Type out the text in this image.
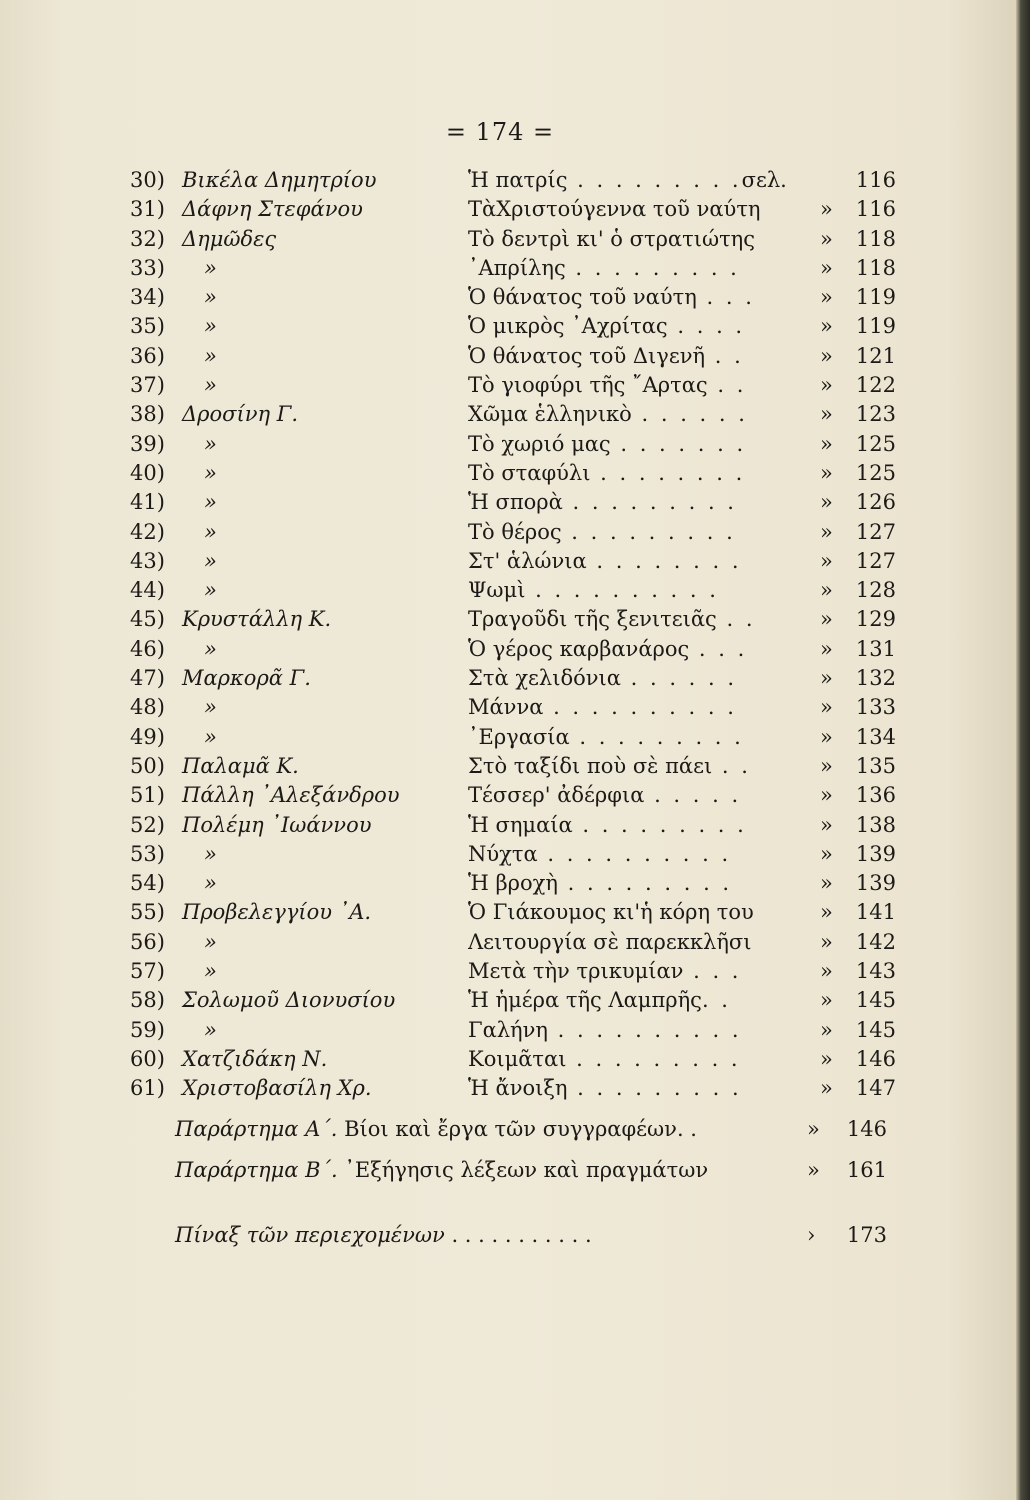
= 174 =
30) Βικέλα Δημητρίου	Ἡ πατρίς . . . . . . . . .σελ.	116
31) Δάφνη Στεφάνου	ΤὰΧριστούγεννα τοῦ ναύτη	»	116
32) Δημῶδες	Τὸ δεντρὶ κι' ὁ στρατιώτης	»	118
33)	»	᾿Απρίλης . . . . . . . . .	»	118
34)	»	Ὁ θάνατος τοῦ ναύτη . . .	»	119
35)	»	Ὁ μικρὸς ᾿Αχρίτας . . . .	»	119
36)	»	Ὁ θάνατος τοῦ Διγενῆ . .	»	121
37)	»	Τὸ γιοφύρι τῆς ῎Αρτας . .	»	122
38) Δροσίνη Γ.	Χῶμα ἑλληνικὸ . . . . . .	»	123
39)	»	Τὸ χωριό μας . . . . . . .	»	125
40)	»	Τὸ σταφύλι . . . . . . . .	»	125
41)	»	Ἡ σπορὰ . . . . . . . . .	»	126
42)	»	Τὸ θέρος . . . . . . . . .	»	127
43)	»	Στ' ἁλώνια . . . . . . . .	»	127
44)	»	Ψωμὶ . . . . . . . . . .	»	128
45) Κρυστάλλη Κ.	Τραγοῦδι τῆς ξενιτειᾶς . .	»	129
46)	»	Ὁ γέρος καρβανάρος . . .	»	131
47) Μαρκορᾶ Γ.	Στὰ χελιδόνια . . . . . .	»	132
48)	»	Μάννα . . . . . . . . . .	»	133
49)	»	᾿Εργασία . . . . . . . . .	»	134
50) Παλαμᾶ Κ.	Στὸ ταξίδι ποὺ σὲ πάει . .	»	135
51) Πάλλη ᾿Αλεξάνδρου	Τέσσερ' ἀδέρφια . . . . .	»	136
52) Πολέμη ᾿Ιωάννου	Ἡ σημαία . . . . . . . . .	»	138
53)	»	Νύχτα . . . . . . . . . .	»	139
54)	»	Ἡ βροχὴ . . . . . . . . .	»	139
55) Προβελεγγίου ᾿Α.	Ὁ Γιάκουμος κι'ἡ κόρη του	»	141
56)	»	Λειτουργία σὲ παρεκκλῆσι	»	142
57)	»	Μετὰ τὴν τρικυμίαν . . .	»	143
58) Σολωμοῦ Διονυσίου	Ἡ ἡμέρα τῆς Λαμπρῆς. .	»	145
59)	»	Γαλήνη . . . . . . . . . .	»	145
60) Χατζιδάκη Ν.	Κοιμᾶται . . . . . . . . .	»	146
61) Χριστοβασίλη Χρ.	Ἡ ἄνοιξη . . . . . . . . .	»	147
Παράρτημα Α΄. Βίοι καὶ ἔργα τῶν συγγραφέων. .	»	146
Παράρτημα Β΄. ᾿Εξήγησις λέξεων καὶ πραγμάτων	»	161
Πίναξ τῶν περιεχομένων . . . . . . . . . . .	›	173
